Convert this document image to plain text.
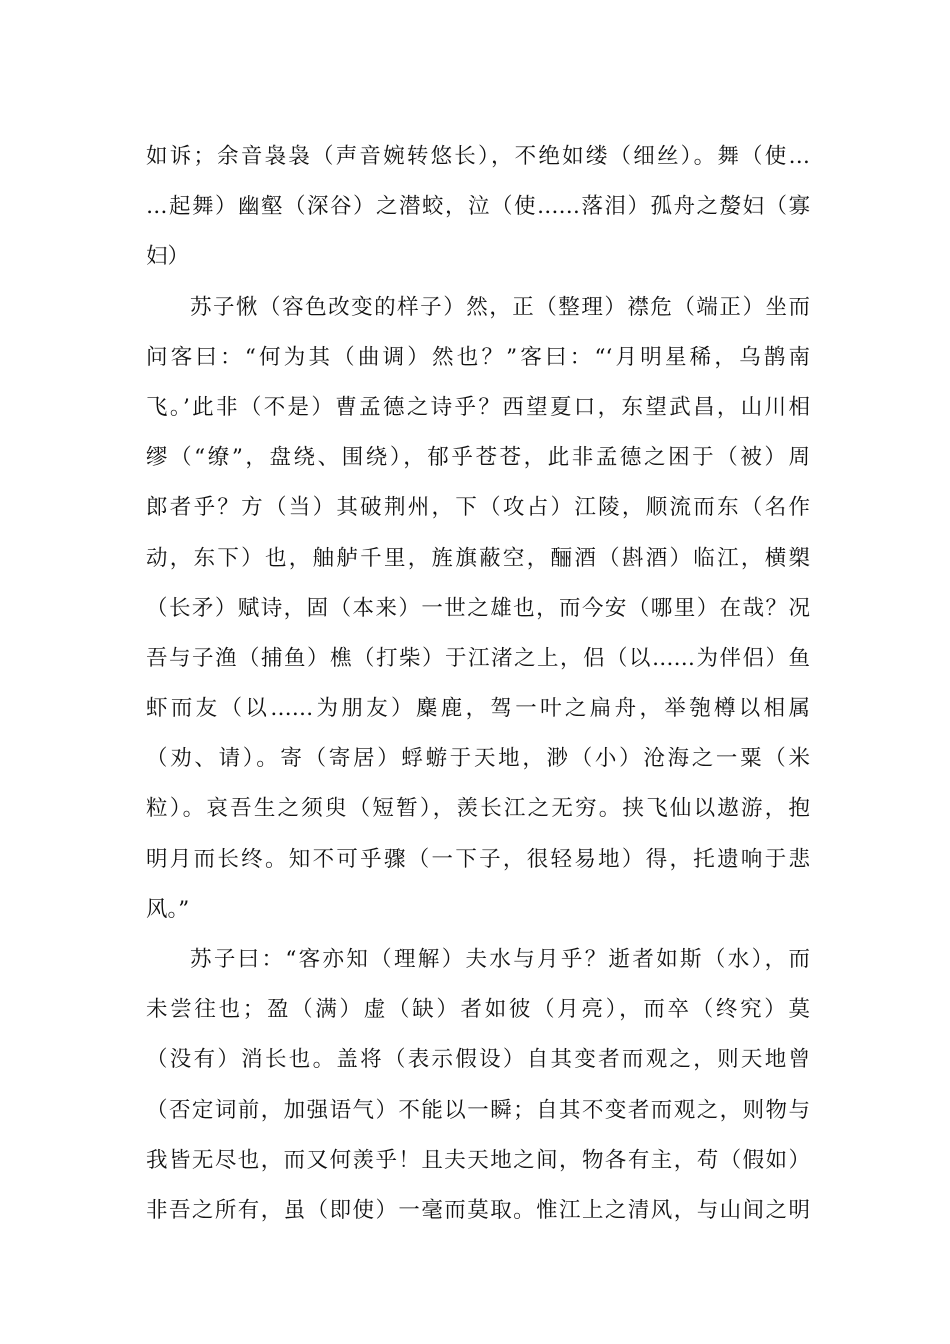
如诉；余音袅袅（声音婉转悠长），不绝如缕（细丝）。舞（使…
…起舞）幽壑（深谷）之潜蛟，泣（使……落泪）孤舟之嫠妇（寡
妇）
苏子愀（容色改变的样子）然，正（整理）襟危（端正）坐而
问客曰：“何为其（曲调）然也？”客曰：“‘月明星稀，乌鹊南
飞。’此非（不是）曹孟德之诗乎？西望夏口，东望武昌，山川相
缪（“缭”，盘绕、围绕），郁乎苍苍，此非孟德之困于（被）周
郎者乎？方（当）其破荆州，下（攻占）江陵，顺流而东（名作
动，东下）也，舳舻千里，旌旗蔽空，酾酒（斟酒）临江，横槊
（长矛）赋诗，固（本来）一世之雄也，而今安（哪里）在哉？况
吾与子渔（捕鱼）樵（打柴）于江渚之上，侣（以……为伴侣）鱼
虾而友（以……为朋友）麋鹿，驾一叶之扁舟，举匏樽以相属
（劝、请）。寄（寄居）蜉蝣于天地，渺（小）沧海之一粟（米
粒）。哀吾生之须臾（短暂），羡长江之无穷。挟飞仙以遨游，抱
明月而长终。知不可乎骤（一下子，很轻易地）得，托遗响于悲
风。”
苏子曰：“客亦知（理解）夫水与月乎？逝者如斯（水），而
未尝往也；盈（满）虚（缺）者如彼（月亮），而卒（终究）莫
（没有）消长也。盖将（表示假设）自其变者而观之，则天地曾
（否定词前，加强语气）不能以一瞬；自其不变者而观之，则物与
我皆无尽也，而又何羡乎！且夫天地之间，物各有主，苟（假如）
非吾之所有，虽（即使）一毫而莫取。惟江上之清风，与山间之明
